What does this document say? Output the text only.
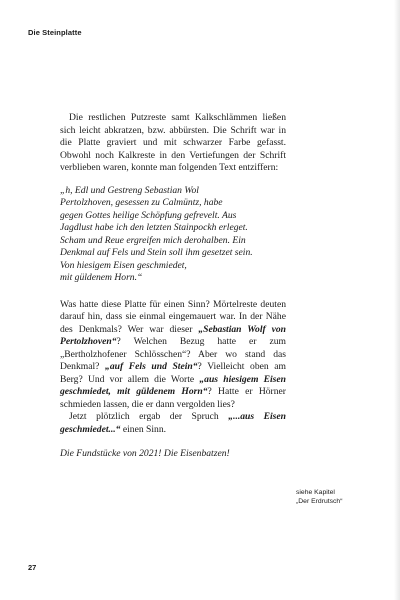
Die Steinplatte

Die restlichen Putzreste samt Kalkschlämmen ließen sich leicht abkratzen, bzw. abbürsten. Die Schrift war in die Platte graviert und mit schwarzer Farbe gefasst. Obwohl noch Kalkreste in den Vertiefungen der Schrift verblieben waren, konnte man folgenden Text entziffern:

„h, Edl und Gestreng Sebastian Wol
Pertolzhoven, gesessen zu Calmüntz, habe
gegen Gottes heilige Schöpfung gefrevelt. Aus
Jagdlust habe ich den letzten Stainpockh erleget.
Scham und Reue ergreifen mich derohalben. Ein
Denkmal auf Fels und Stein soll ihm gesetzet sein.
Von hiesigem Eisen geschmiedet,
mit güldenem Horn.“

Was hatte diese Platte für einen Sinn? Mörtelreste deuten darauf hin, dass sie einmal eingemauert war. In der Nähe des Denkmals? Wer war dieser „Sebastian Wolf von Pertolzhoven“? Welchen Bezug hatte er zum „Bertholzhofener Schlösschen“? Aber wo stand das Denkmal? „auf Fels und Stein“? Vielleicht oben am Berg? Und vor allem die Worte „aus hiesigem Eisen geschmiedet, mit güldenem Horn“? Hatte er Hörner schmieden lassen, die er dann vergolden lies?

Jetzt plötzlich ergab der Spruch „...aus Eisen geschmiedet...“ einen Sinn.

Die Fundstücke von 2021! Die Eisenbatzen!

siehe Kapitel
„Der Erdrutsch“
27
